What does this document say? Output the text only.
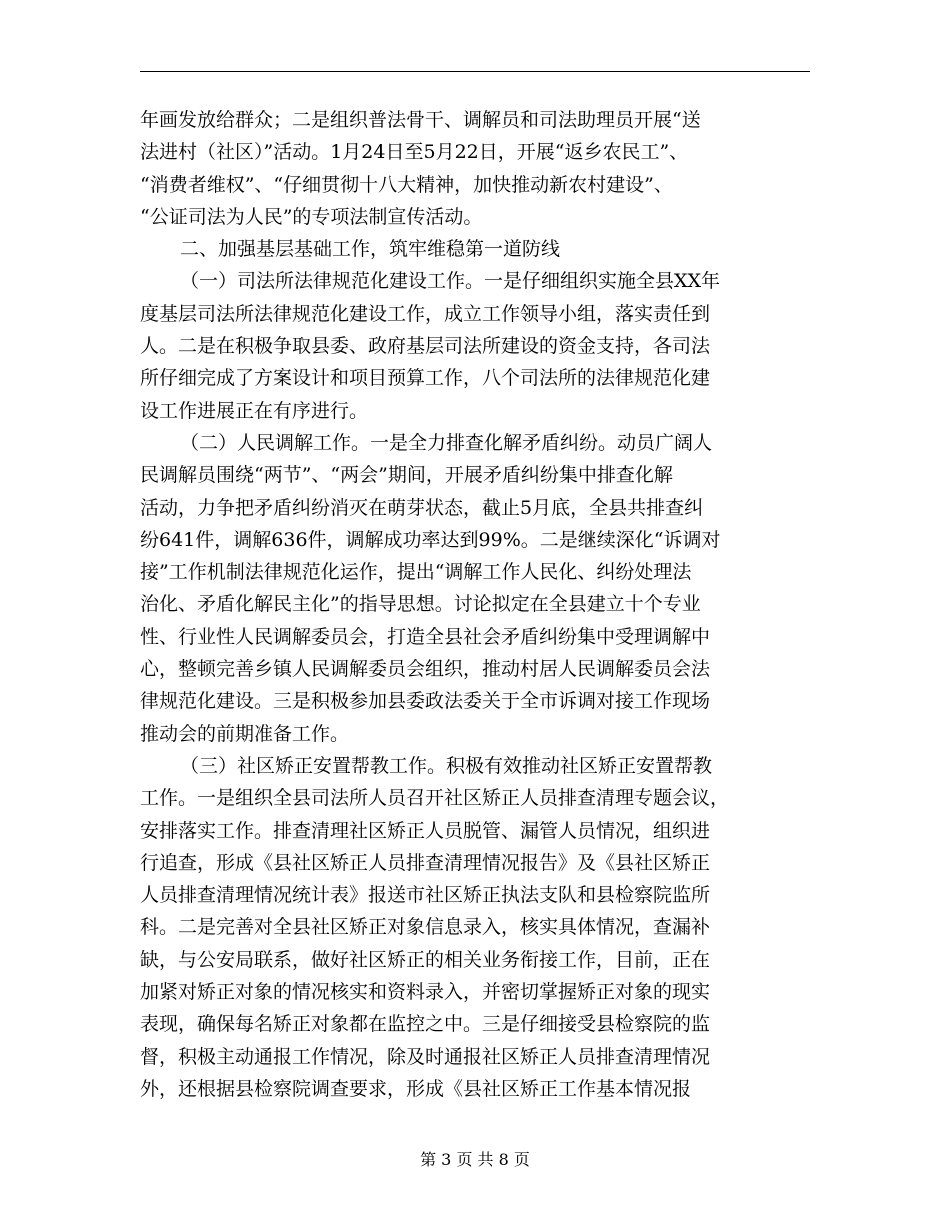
年画发放给群众；二是组织普法骨干、调解员和司法助理员开展“送
法进村（社区）”活动。1月24日至5月22日，开展“返乡农民工”、
“消费者维权”、“仔细贯彻十八大精神，加快推动新农村建设”、
“公证司法为人民”的专项法制宣传活动。
二、加强基层基础工作，筑牢维稳第一道防线
（一）司法所法律规范化建设工作。一是仔细组织实施全县XX年
度基层司法所法律规范化建设工作，成立工作领导小组，落实责任到
人。二是在积极争取县委、政府基层司法所建设的资金支持，各司法
所仔细完成了方案设计和项目预算工作，八个司法所的法律规范化建
设工作进展正在有序进行。
（二）人民调解工作。一是全力排查化解矛盾纠纷。动员广阔人
民调解员围绕“两节”、“两会”期间，开展矛盾纠纷集中排查化解
活动，力争把矛盾纠纷消灭在萌芽状态，截止5月底，全县共排查纠
纷641件，调解636件，调解成功率达到99%。二是继续深化“诉调对
接”工作机制法律规范化运作，提出“调解工作人民化、纠纷处理法
治化、矛盾化解民主化”的指导思想。讨论拟定在全县建立十个专业
性、行业性人民调解委员会，打造全县社会矛盾纠纷集中受理调解中
心，整顿完善乡镇人民调解委员会组织，推动村居人民调解委员会法
律规范化建设。三是积极参加县委政法委关于全市诉调对接工作现场
推动会的前期准备工作。
（三）社区矫正安置帮教工作。积极有效推动社区矫正安置帮教
工作。一是组织全县司法所人员召开社区矫正人员排查清理专题会议，
安排落实工作。排查清理社区矫正人员脱管、漏管人员情况，组织进
行追查，形成《县社区矫正人员排查清理情况报告》及《县社区矫正
人员排查清理情况统计表》报送市社区矫正执法支队和县检察院监所
科。二是完善对全县社区矫正对象信息录入，核实具体情况，查漏补
缺，与公安局联系，做好社区矫正的相关业务衔接工作，目前，正在
加紧对矫正对象的情况核实和资料录入，并密切掌握矫正对象的现实
表现，确保每名矫正对象都在监控之中。三是仔细接受县检察院的监
督，积极主动通报工作情况，除及时通报社区矫正人员排查清理情况
外，还根据县检察院调查要求，形成《县社区矫正工作基本情况报
第 3 页 共 8 页
